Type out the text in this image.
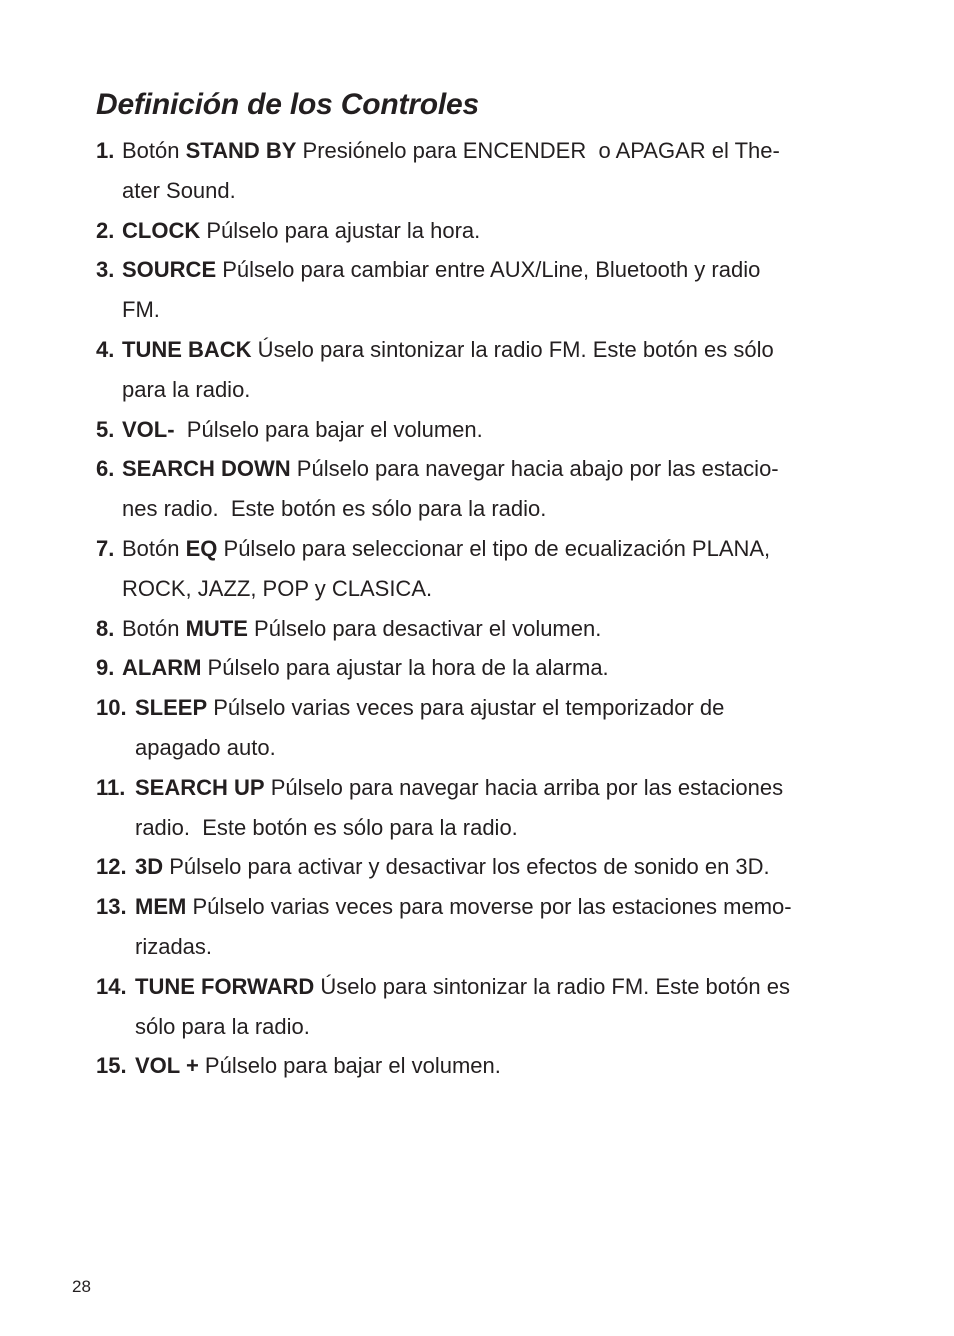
Definición de los Controles
1. Botón STAND BY Presiónelo para ENCENDER  o APAGAR el The-
ater Sound.
2. CLOCK Púlselo para ajustar la hora.
3. SOURCE Púlselo para cambiar entre AUX/Line, Bluetooth y radio
FM.
4. TUNE BACK Úselo para sintonizar la radio FM. Este botón es sólo
para la radio.
5. VOL-  Púlselo para bajar el volumen.
6. SEARCH DOWN Púlselo para navegar hacia abajo por las estacio-
nes radio.  Este botón es sólo para la radio.
7. Botón EQ Púlselo para seleccionar el tipo de ecualización PLANA,
ROCK, JAZZ, POP y CLASICA.
8. Botón MUTE Púlselo para desactivar el volumen.
9. ALARM Púlselo para ajustar la hora de la alarma.
10. SLEEP Púlselo varias veces para ajustar el temporizador de
apagado auto.
11. SEARCH UP Púlselo para navegar hacia arriba por las estaciones
radio.  Este botón es sólo para la radio.
12. 3D Púlselo para activar y desactivar los efectos de sonido en 3D.
13. MEM Púlselo varias veces para moverse por las estaciones memo-
rizadas.
14. TUNE FORWARD Úselo para sintonizar la radio FM. Este botón es
sólo para la radio.
15. VOL + Púlselo para bajar el volumen.
28
